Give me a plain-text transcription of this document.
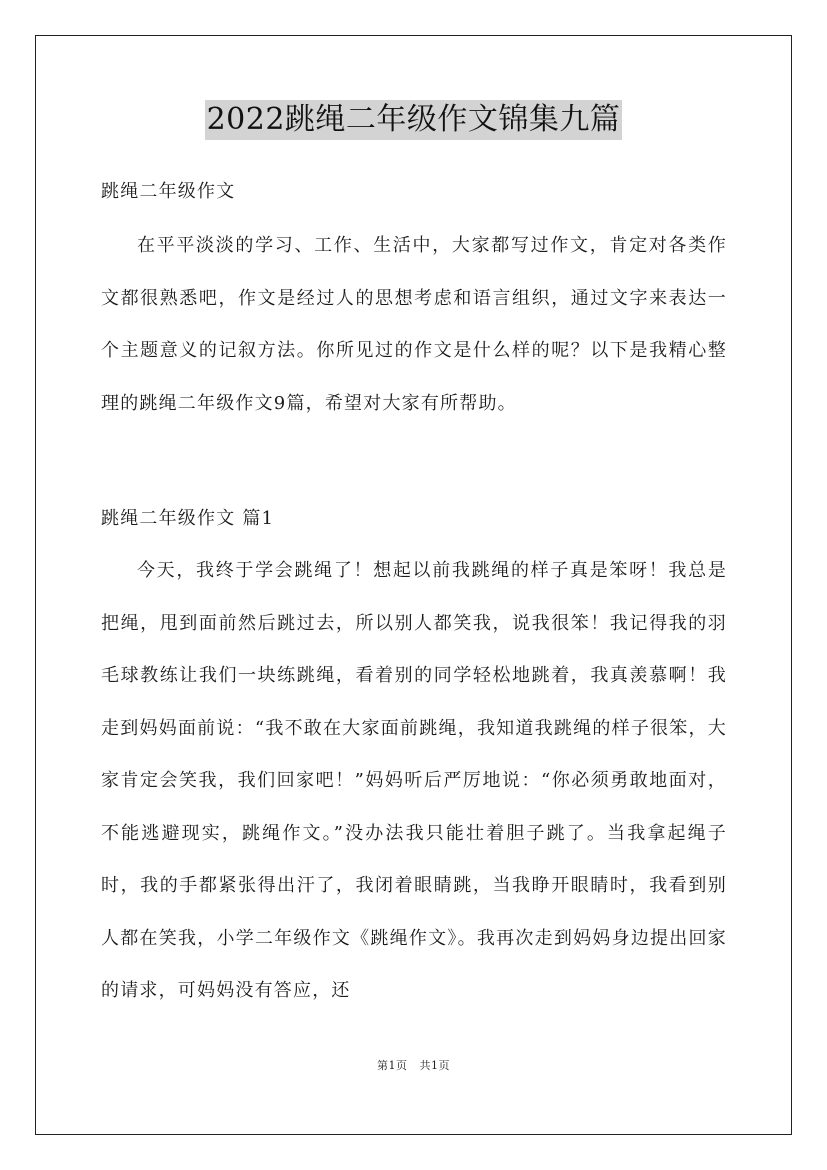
2022跳绳二年级作文锦集九篇

跳绳二年级作文

在平平淡淡的学习、工作、生活中，大家都写过作文，肯定对各类作文都很熟悉吧，作文是经过人的思想考虑和语言组织，通过文字来表达一个主题意义的记叙方法。你所见过的作文是什么样的呢？以下是我精心整理的跳绳二年级作文9篇，希望对大家有所帮助。

跳绳二年级作文 篇1

今天，我终于学会跳绳了！想起以前我跳绳的样子真是笨呀！我总是把绳，甩到面前然后跳过去，所以别人都笑我，说我很笨！我记得我的羽毛球教练让我们一块练跳绳，看着别的同学轻松地跳着，我真羡慕啊！我走到妈妈面前说：“我不敢在大家面前跳绳，我知道我跳绳的样子很笨，大家肯定会笑我，我们回家吧！”妈妈听后严厉地说：“你必须勇敢地面对，不能逃避现实，跳绳作文。”没办法我只能壮着胆子跳了。当我拿起绳子时，我的手都紧张得出汗了，我闭着眼睛跳，当我睁开眼睛时，我看到别人都在笑我，小学二年级作文《跳绳作文》。我再次走到妈妈身边提出回家的请求，可妈妈没有答应，还

第1页 共1页
